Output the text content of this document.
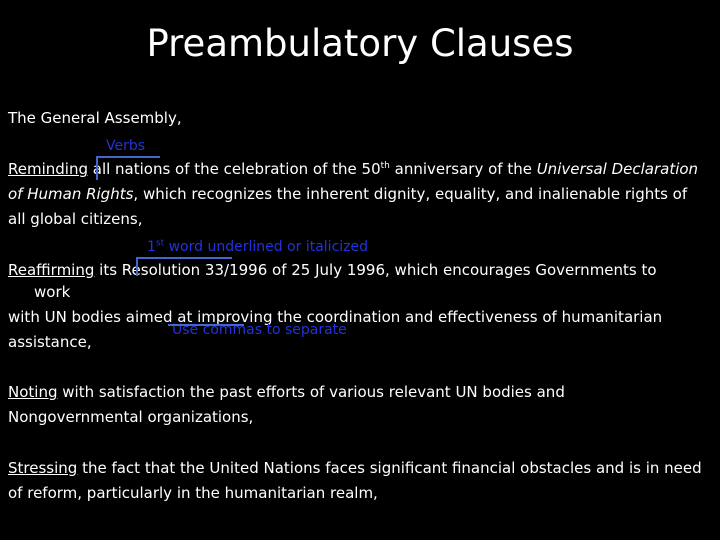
Preambulatory Clauses
The General Assembly,
Verbs
Reminding all nations of the celebration of the 50th anniversary of the Universal Declaration
of Human Rights, which recognizes the inherent dignity, equality, and inalienable rights of
all global citizens,
1st word underlined or italicized
Reaffirming its Resolution 33/1996 of 25 July 1996, which encourages Governments to
work
with UN bodies aimed at improving the coordination and effectiveness of humanitarian
Use commas to separate
assistance,
Noting with satisfaction the past efforts of various relevant UN bodies and
Nongovernmental organizations,
Stressing the fact that the United Nations faces significant financial obstacles and is in need
of reform, particularly in the humanitarian realm,
